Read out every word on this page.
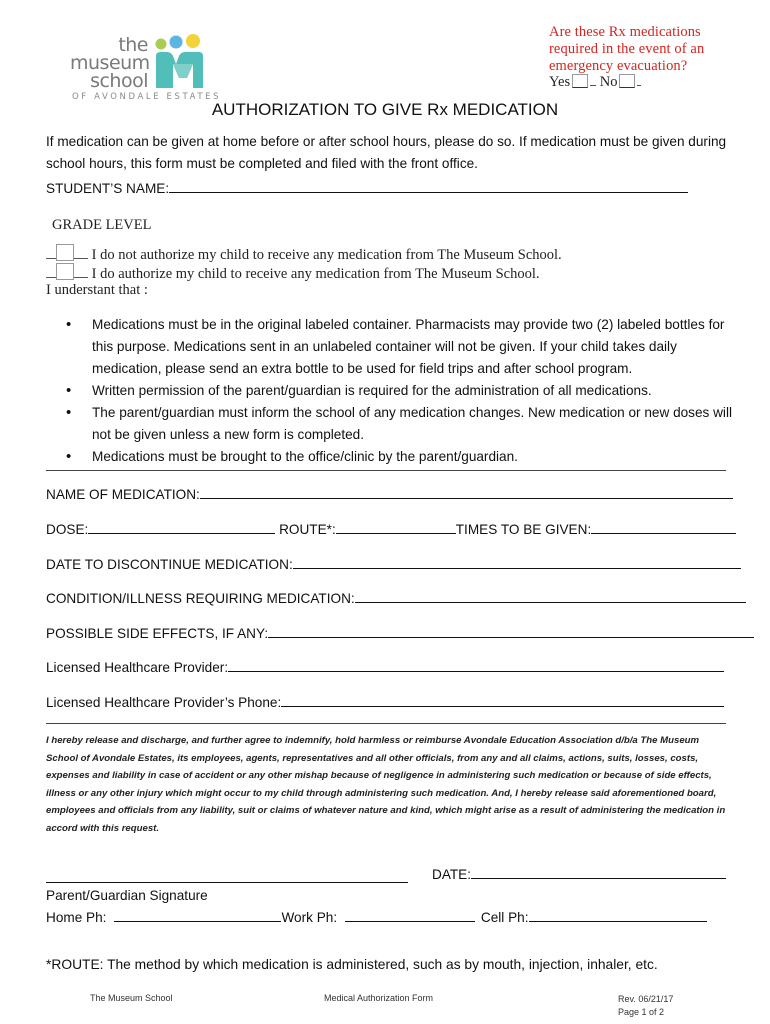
the
museum
school
OF AVONDALE ESTATES
Are these Rx medications required in the event of an emergency evacuation?
Yes No
AUTHORIZATION TO GIVE Rx MEDICATION
If medication can be given at home before or after school hours, please do so. If medication must be given during school hours, this form must be completed and filed with the front office.
STUDENT’S NAME:
GRADE LEVEL
I do not authorize my child to receive any medication from The Museum School.
I do authorize my child to receive any medication from The Museum School.
I understant that :
• Medications must be in the original labeled container. Pharmacists may provide two (2) labeled bottles for this purpose. Medications sent in an unlabeled container will not be given. If your child takes daily medication, please send an extra bottle to be used for field trips and after school program.
• Written permission of the parent/guardian is required for the administration of all medications.
• The parent/guardian must inform the school of any medication changes. New medication or new doses will not be given unless a new form is completed.
• Medications must be brought to the office/clinic by the parent/guardian.
NAME OF MEDICATION:
DOSE:	ROUTE*:	TIMES TO BE GIVEN:
DATE TO DISCONTINUE MEDICATION:
CONDITION/ILLNESS REQUIRING MEDICATION:
POSSIBLE SIDE EFFECTS, IF ANY:
Licensed Healthcare Provider:
Licensed Healthcare Provider’s Phone:
I hereby release and discharge, and further agree to indemnify, hold harmless or reimburse Avondale Education Association d/b/a The Museum School of Avondale Estates, its employees, agents, representatives and all other officials, from any and all claims, actions, suits, losses, costs, expenses and liability in case of accident or any other mishap because of negligence in administering such medication or because of side effects, illness or any other injury which might occur to my child through administering such medication. And, I hereby release said aforementioned board, employees and officials from any liability, suit or claims of whatever nature and kind, which might arise as a result of administering the medication in accord with this request.
DATE:
Parent/Guardian Signature
Home Ph:	Work Ph:	Cell Ph:
*ROUTE: The method by which medication is administered, such as by mouth, injection, inhaler, etc.
The Museum School	Medical Authorization Form	Rev. 06/21/17
Page 1 of 2
